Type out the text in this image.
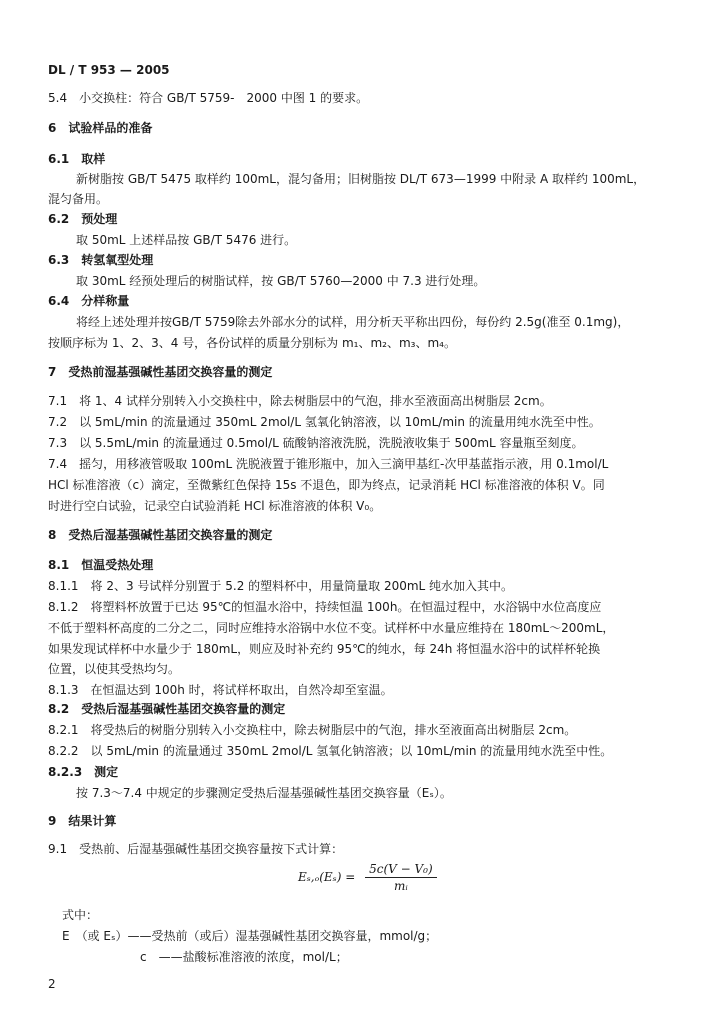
DL / T 953 — 2005
5.4　小交换柱：符合 GB/T 5759-　2000 中图 1 的要求。
6　试验样品的准备
6.1　取样
新树脂按 GB/T 5475 取样约 100mL，混匀备用；旧树脂按 DL/T 673—1999 中附录 A 取样约 100mL，
混匀备用。
6.2　预处理
取 50mL 上述样品按 GB/T 5476 进行。
6.3　转氢氧型处理
取 30mL 经预处理后的树脂试样，按 GB/T 5760—2000 中 7.3 进行处理。
6.4　分样称量
将经上述处理并按GB/T 5759除去外部水分的试样，用分析天平称出四份，每份约 2.5g(准至 0.1mg)，
按顺序标为 1、2、3、4 号，各份试样的质量分别标为 m₁、m₂、m₃、m₄。
7　受热前湿基强碱性基团交换容量的测定
7.1　将 1、4 试样分别转入小交换柱中，除去树脂层中的气泡，排水至液面高出树脂层 2cm。
7.2　以 5mL/min 的流量通过 350mL 2mol/L 氢氧化钠溶液，以 10mL/min 的流量用纯水洗至中性。
7.3　以 5.5mL/min 的流量通过 0.5mol/L 硫酸钠溶液洗脱，洗脱液收集于 500mL 容量瓶至刻度。
7.4　摇匀，用移液管吸取 100mL 洗脱液置于锥形瓶中，加入三滴甲基红-次甲基蓝指示液，用 0.1mol/L
HCl 标准溶液（c）滴定，至微紫红色保持 15s 不退色，即为终点，记录消耗 HCl 标准溶液的体积 V。同
时进行空白试验，记录空白试验消耗 HCl 标准溶液的体积 V₀。
8　受热后湿基强碱性基团交换容量的测定
8.1　恒温受热处理
8.1.1　将 2、3 号试样分别置于 5.2 的塑料杯中，用量筒量取 200mL 纯水加入其中。
8.1.2　将塑料杯放置于已达 95℃的恒温水浴中，持续恒温 100h。在恒温过程中，水浴锅中水位高度应
不低于塑料杯高度的二分之二，同时应维持水浴锅中水位不变。试样杯中水量应维持在 180mL～200mL，
如果发现试样杯中水量少于 180mL，则应及时补充约 95℃的纯水，每 24h 将恒温水浴中的试样杯轮换
位置，以使其受热均匀。
8.1.3　在恒温达到 100h 时，将试样杯取出，自然冷却至室温。
8.2　受热后湿基强碱性基团交换容量的测定
8.2.1　将受热后的树脂分别转入小交换柱中，除去树脂层中的气泡，排水至液面高出树脂层 2cm。
8.2.2　以 5mL/min 的流量通过 350mL 2mol/L 氢氧化钠溶液；以 10mL/min 的流量用纯水洗至中性。
8.2.3　测定
按 7.3～7.4 中规定的步骤测定受热后湿基强碱性基团交换容量（Eₛ）。
9　结果计算
9.1　受热前、后湿基强碱性基团交换容量按下式计算：
$E_s,_o(E_s) = \frac{\text{5c(V − V₀)}}{\text{mᵢ}}$
式中：
E　（或 Eₛ）——受热前（或后）湿基强碱性基团交换容量，mmol/g；
c　——盐酸标准溶液的浓度，mol/L；
2
